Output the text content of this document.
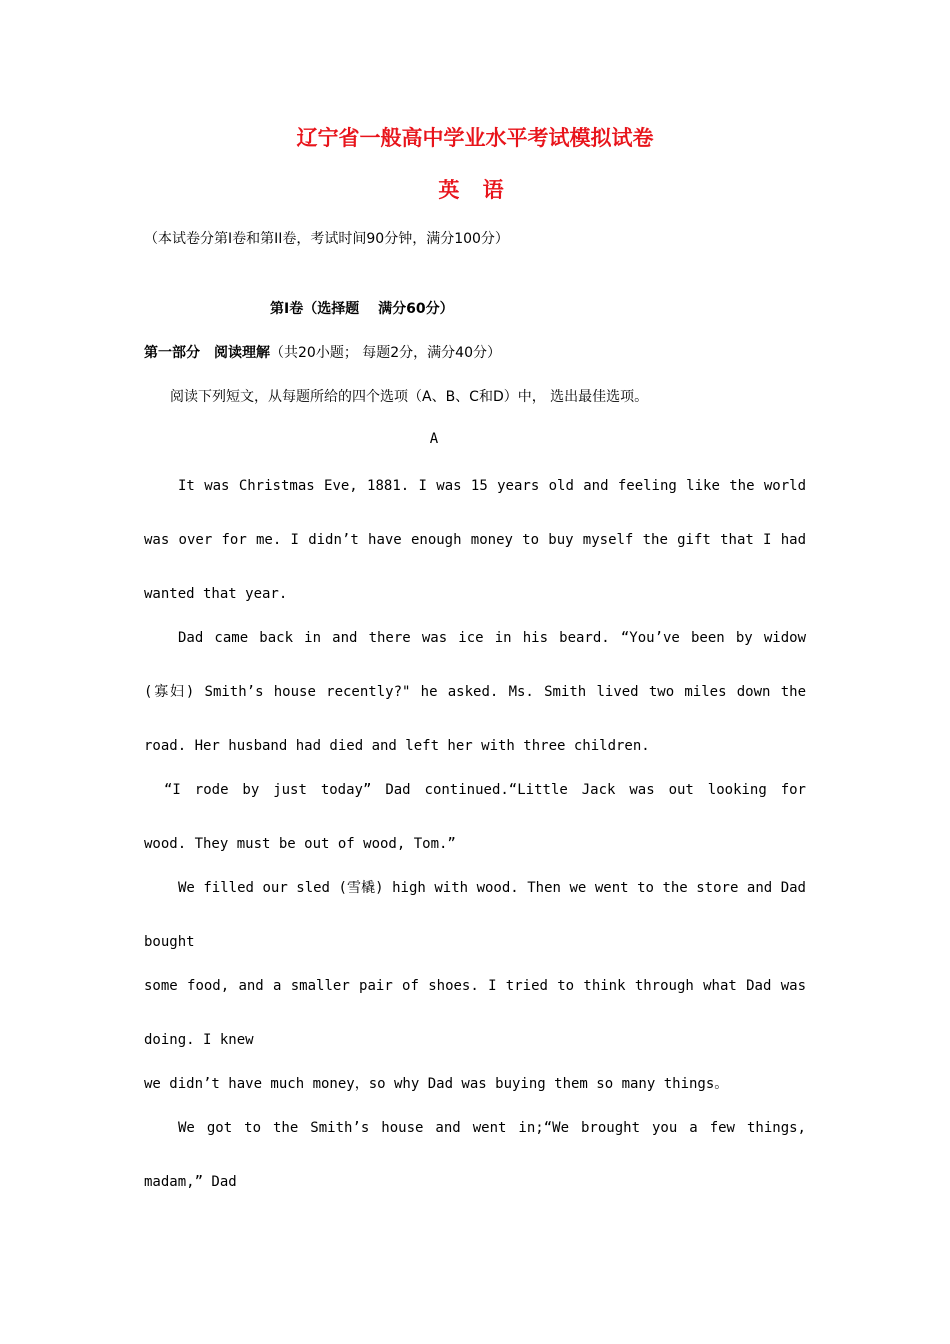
辽宁省一般高中学业水平考试模拟试卷
英 语
（本试卷分第Ⅰ卷和第II卷，考试时间90分钟，满分100分）
第Ⅰ卷（选择题　 满分60分）
第一部分　阅读理解（共20小题； 每题2分，满分40分）
阅读下列短文，从每题所给的四个选项（A、B、C和D）中， 选出最佳选项。
A
It was Christmas Eve, 1881. I was 15 years old and feeling like the world
was over for me. I didn’t have enough money to buy myself the gift that I had
wanted that year.
Dad came back in and there was ice in his beard. “You’ve been by widow
(寡妇) Smith’s house recently?" he asked. Ms. Smith lived two miles down the
road. Her husband had died and left her with three children.
“I rode by just today” Dad continued.“Little Jack was out looking for
wood. They must be out of wood, Tom.”
We filled our sled (雪橇) high with wood. Then we went to the store and Dad
bought
some food, and a smaller pair of shoes. I tried to think through what Dad was
doing. I knew
we didn’t have much money，so why Dad was buying them so many things。
We got to the Smith’s house and went in;“We brought you a few things,
madam,” Dad
